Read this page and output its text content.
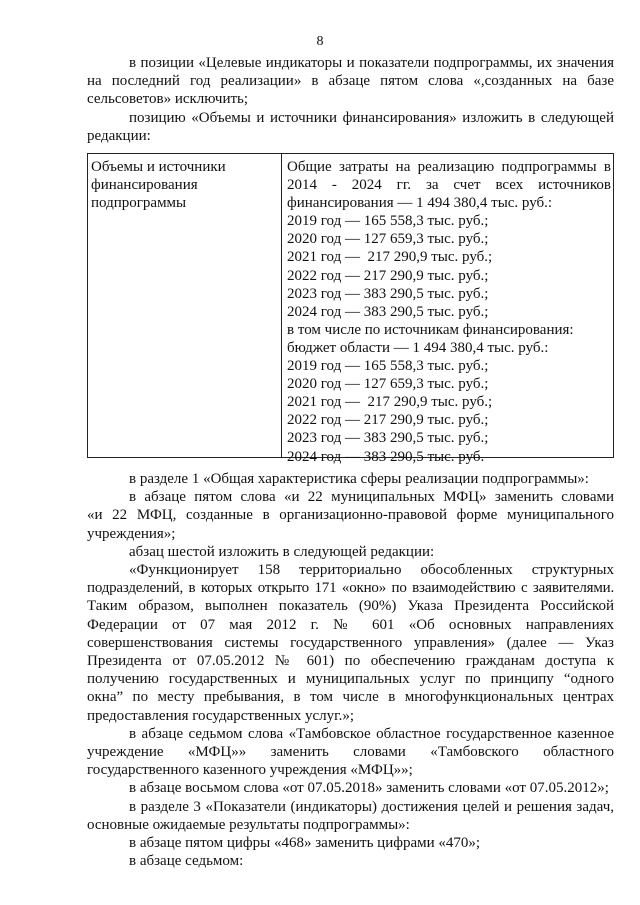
8

в позиции «Целевые индикаторы и показатели подпрограммы, их значения

на последний год реализации» в абзаце пятом слова «,созданных на базе

сельсоветов» исключить;

позицию «Объемы и источники финансирования» изложить в следующей

редакции:

Объемы и источники
финансирования
подпрограммы
Общие затраты на реализацию подпрограммы в
2014 - 2024 гг. за счет всех источников
финансирования — 1 494 380,4 тыс. руб.:
2019 год — 165 558,3 тыс. руб.;
2020 год — 127 659,3 тыс. руб.;
2021 год —  217 290,9 тыс. руб.;
2022 год — 217 290,9 тыс. руб.;
2023 год — 383 290,5 тыс. руб.;
2024 год — 383 290,5 тыс. руб.;
в том числе по источникам финансирования:
бюджет области — 1 494 380,4 тыс. руб.:
2019 год — 165 558,3 тыс. руб.;
2020 год — 127 659,3 тыс. руб.;
2021 год —  217 290,9 тыс. руб.;
2022 год — 217 290,9 тыс. руб.;
2023 год — 383 290,5 тыс. руб.;
2024 год — 383 290,5 тыс. руб.

в разделе 1 «Общая характеристика сферы реализации подпрограммы»:

в абзаце пятом слова «и 22 муниципальных МФЦ» заменить словами

«и 22 МФЦ, созданные в организационно-правовой форме муниципального

учреждения»;

абзац шестой изложить в следующей редакции:

«Функционирует 158 территориально обособленных структурных

подразделений, в которых открыто 171 «окно» по взаимодействию с заявителями.

Таким образом, выполнен показатель (90%) Указа Президента Российской

Федерации от 07 мая 2012 г. № 601 «Об основных направлениях

совершенствования системы государственного управления» (далее — Указ

Президента от 07.05.2012 № 601) по обеспечению гражданам доступа к

получению государственных и муниципальных услуг по принципу “одного

окна” по месту пребывания, в том числе в многофункциональных центрах

предоставления государственных услуг.»;

в абзаце седьмом слова «Тамбовское областное государственное казенное

учреждение «МФЦ»» заменить словами «Тамбовского областного

государственного казенного учреждения «МФЦ»»;

в абзаце восьмом слова «от 07.05.2018» заменить словами «от 07.05.2012»;

в разделе 3 «Показатели (индикаторы) достижения целей и решения задач,

основные ожидаемые результаты подпрограммы»:

в абзаце пятом цифры «468» заменить цифрами «470»;

в абзаце седьмом:
